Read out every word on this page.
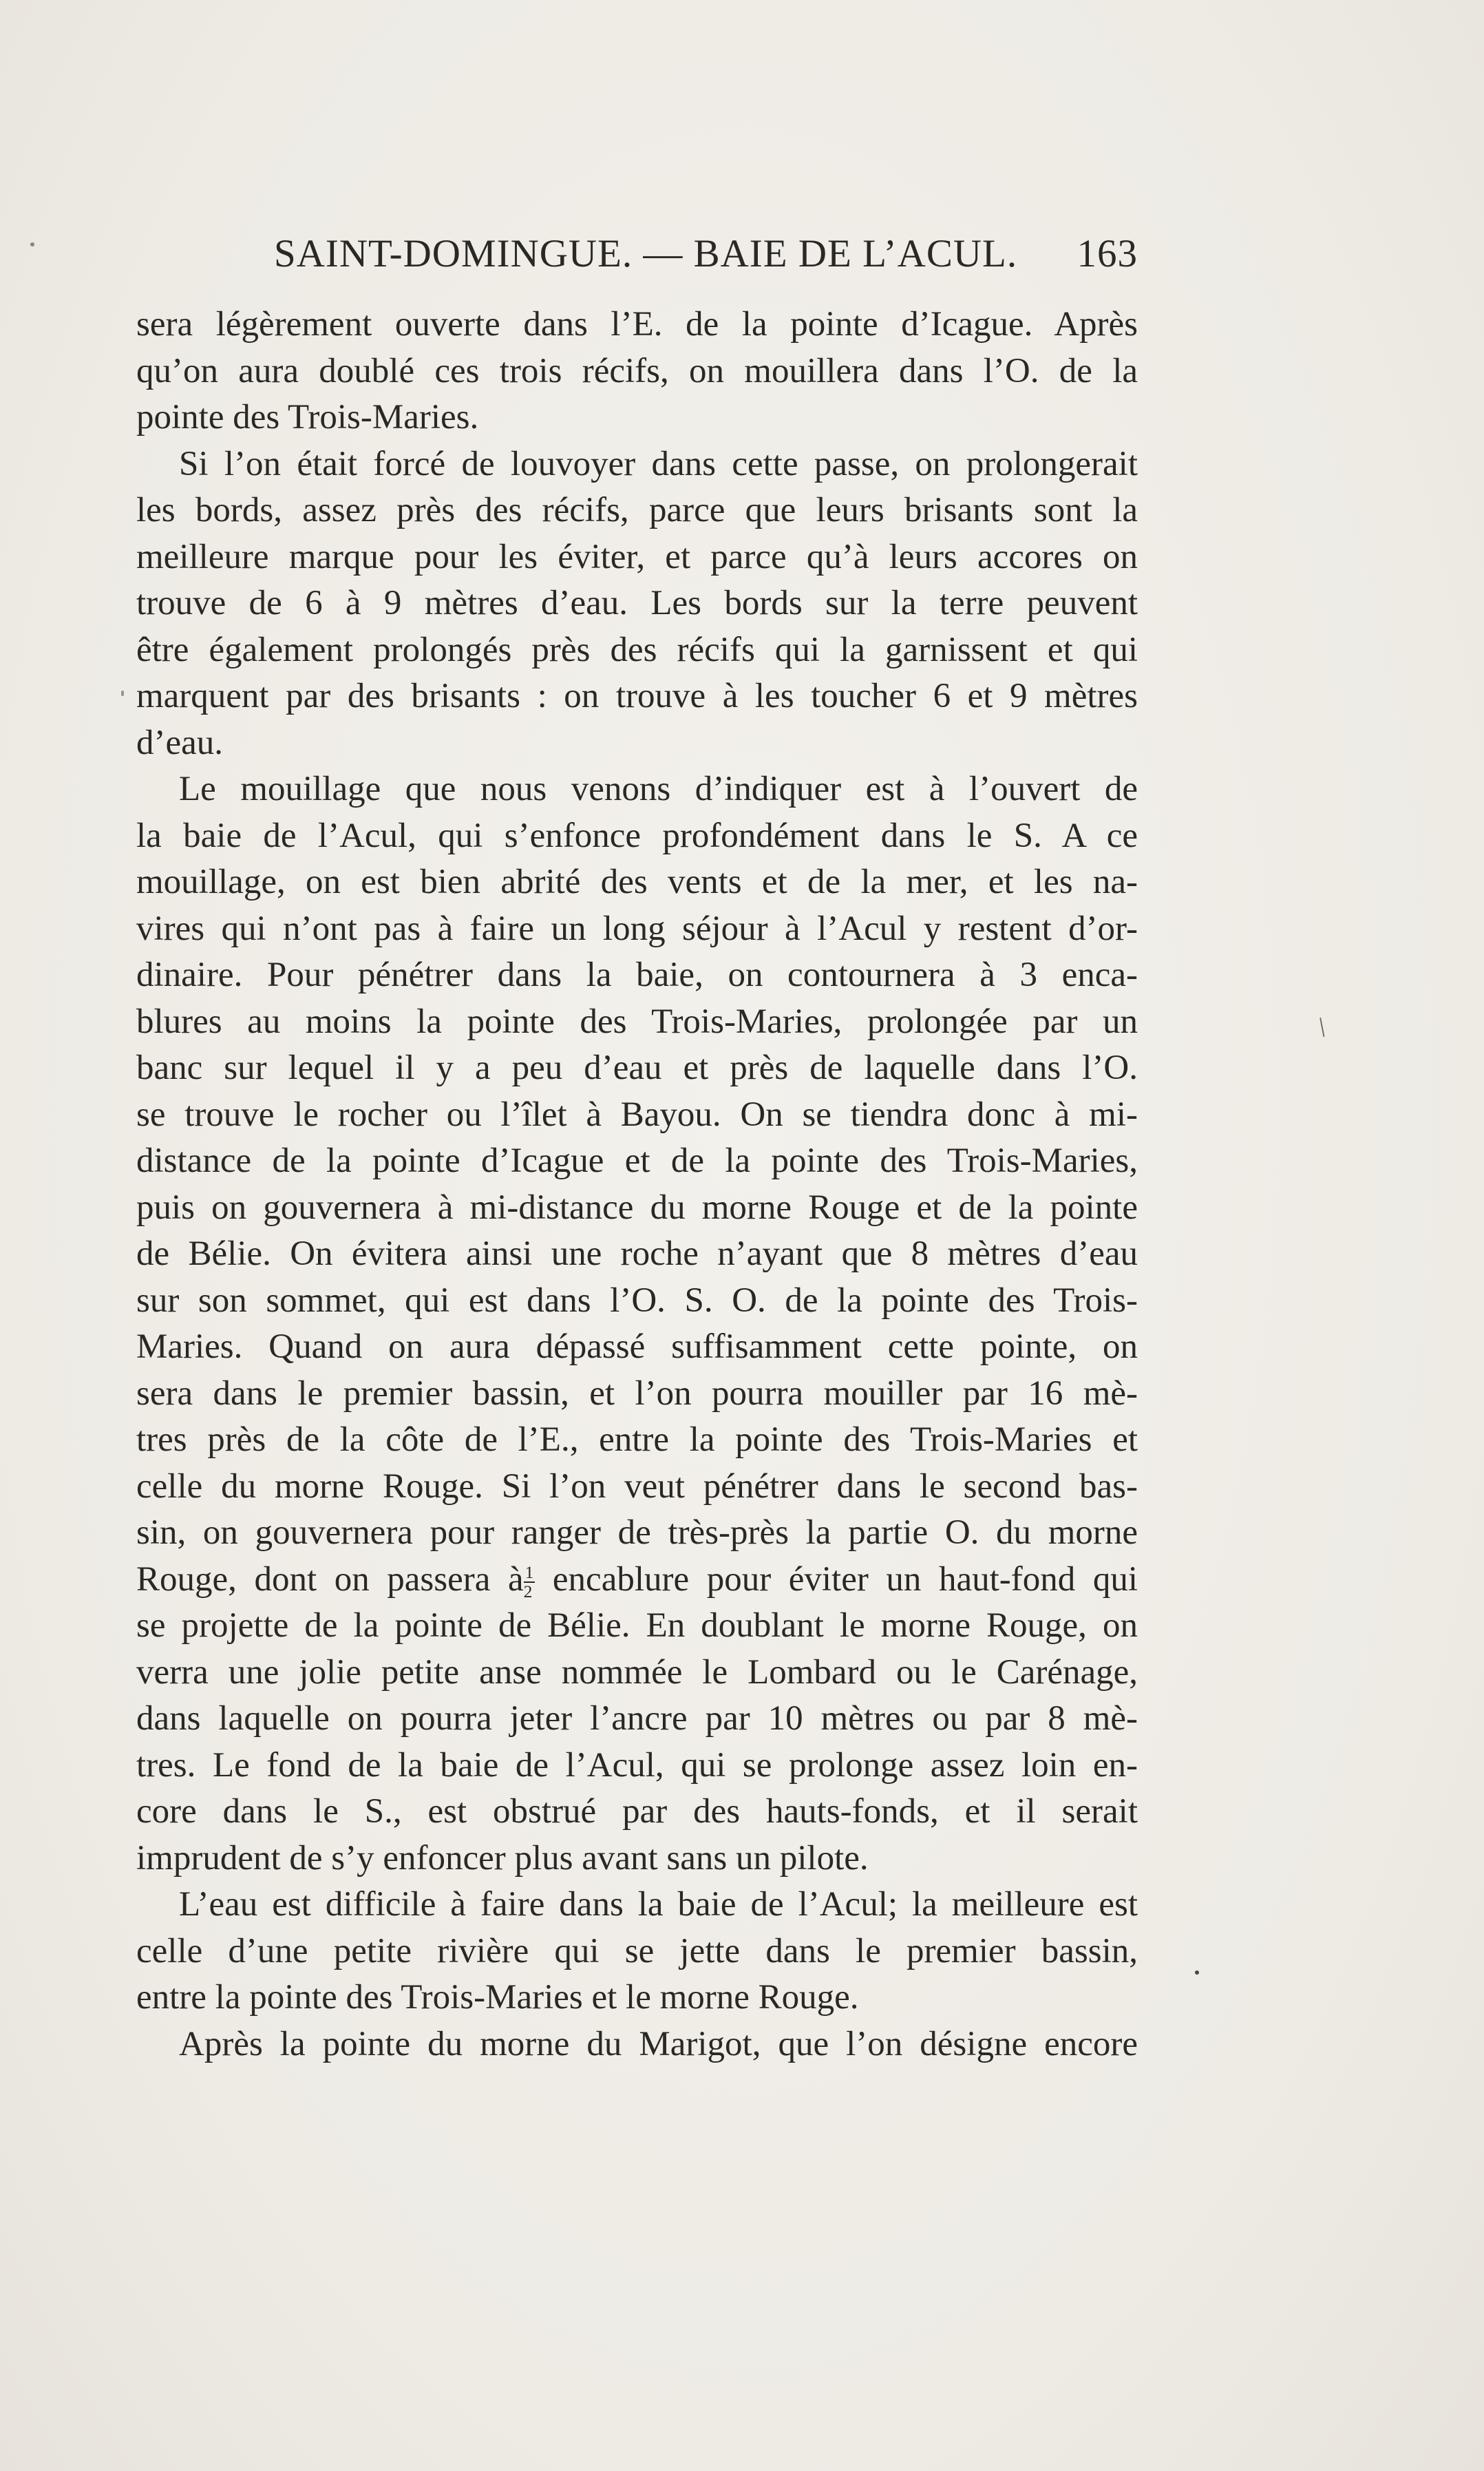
/
SAINT-DOMINGUE. — BAIE DE L’ACUL. 163
sera légèrement ouverte dans l’E. de la pointe d’Icague. Après
qu’on aura doublé ces trois récifs, on mouillera dans l’O. de la
pointe des Trois-Maries.
Si l’on était forcé de louvoyer dans cette passe, on prolongerait
les bords, assez près des récifs, parce que leurs brisants sont la
meilleure marque pour les éviter, et parce qu’à leurs accores on
trouve de 6 à 9 mètres d’eau. Les bords sur la terre peuvent
être également prolongés près des récifs qui la garnissent et qui
marquent par des brisants : on trouve à les toucher 6 et 9 mètres
d’eau.
Le mouillage que nous venons d’indiquer est à l’ouvert de
la baie de l’Acul, qui s’enfonce profondément dans le S. A ce
mouillage, on est bien abrité des vents et de la mer, et les na-
vires qui n’ont pas à faire un long séjour à l’Acul y restent d’or-
dinaire. Pour pénétrer dans la baie, on contournera à 3 enca-
blures au moins la pointe des Trois-Maries, prolongée par un
banc sur lequel il y a peu d’eau et près de laquelle dans l’O.
se trouve le rocher ou l’îlet à Bayou. On se tiendra donc à mi-
distance de la pointe d’Icague et de la pointe des Trois-Maries,
puis on gouvernera à mi-distance du morne Rouge et de la pointe
de Bélie. On évitera ainsi une roche n’ayant que 8 mètres d’eau
sur son sommet, qui est dans l’O. S. O. de la pointe des Trois-
Maries. Quand on aura dépassé suffisamment cette pointe, on
sera dans le premier bassin, et l’on pourra mouiller par 16 mè-
tres près de la côte de l’E., entre la pointe des Trois-Maries et
celle du morne Rouge. Si l’on veut pénétrer dans le second bas-
sin, on gouvernera pour ranger de très-près la partie O. du morne
Rouge, dont on passera à $\frac{1}{2}$ encablure pour éviter un haut-fond qui
se projette de la pointe de Bélie. En doublant le morne Rouge, on
verra une jolie petite anse nommée le Lombard ou le Carénage,
dans laquelle on pourra jeter l’ancre par 10 mètres ou par 8 mè-
tres. Le fond de la baie de l’Acul, qui se prolonge assez loin en-
core dans le S., est obstrué par des hauts-fonds, et il serait
imprudent de s’y enfoncer plus avant sans un pilote.
L’eau est difficile à faire dans la baie de l’Acul; la meilleure est
celle d’une petite rivière qui se jette dans le premier bassin,
entre la pointe des Trois-Maries et le morne Rouge.
Après la pointe du morne du Marigot, que l’on désigne encore
